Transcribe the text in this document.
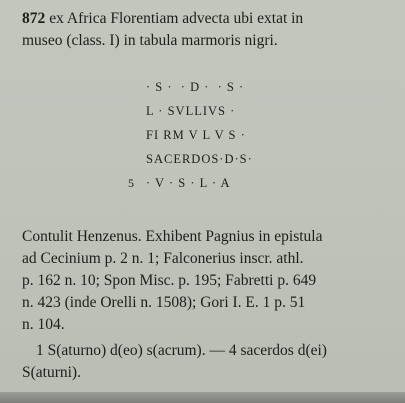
872 ex Africa Florentiam advecta ubi extat in
museo (class. I) in tabula marmoris nigri.
· S ·  · D ·  · S ·
L · SVLLIVS ·
FI RM V L V S ·
SACERDOS·D·S·
5 · V · S · L · A
Contulit Henzenus. Exhibent Pagnius in epistula
ad Cecinium p. 2 n. 1; Falconerius inscr. athl.
p. 162 n. 10; Spon Misc. p. 195; Fabretti p. 649
n. 423 (inde Orelli n. 1508); Gori I. E. 1 p. 51
n. 104.
1 S(aturno) d(eo) s(acrum). — 4 sacerdos d(ei)
S(aturni).
